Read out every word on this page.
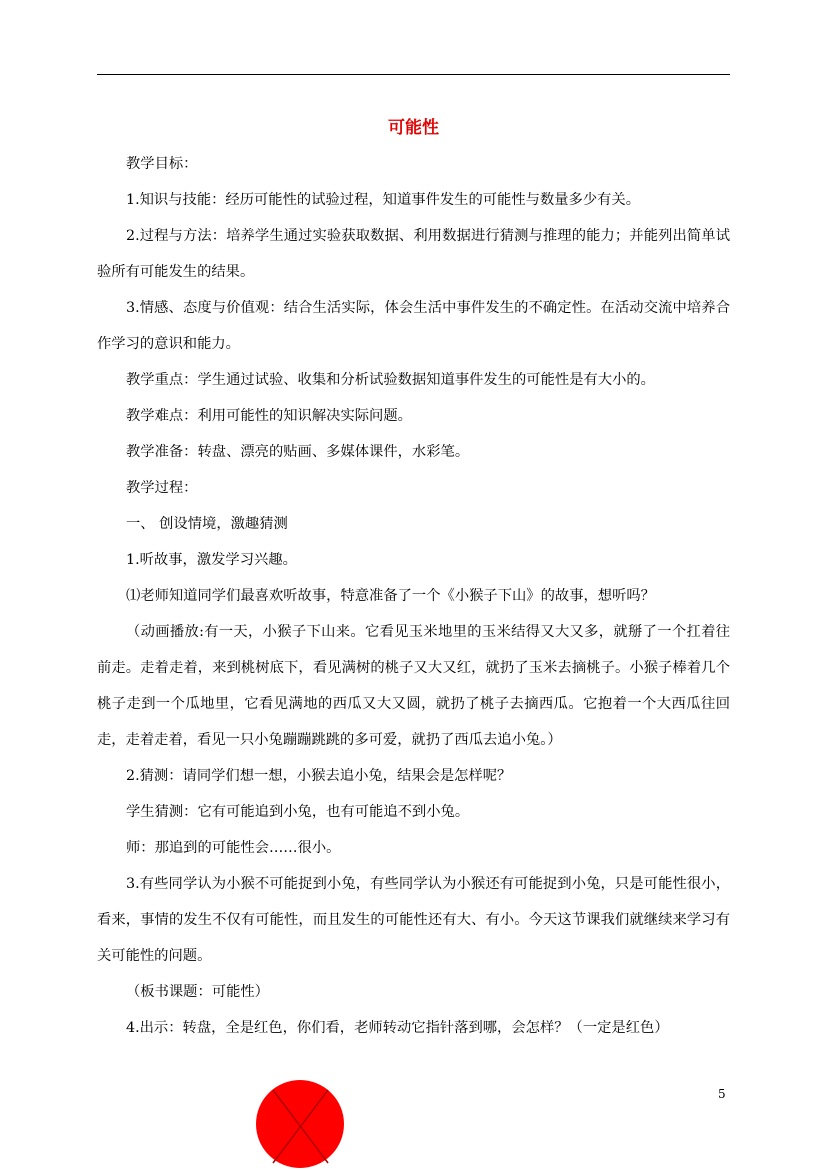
可能性

教学目标：

1.知识与技能：经历可能性的试验过程，知道事件发生的可能性与数量多少有关。

2.过程与方法：培养学生通过实验获取数据、利用数据进行猜测与推理的能力；并能列出简单试验所有可能发生的结果。

3.情感、态度与价值观：结合生活实际，体会生活中事件发生的不确定性。在活动交流中培养合作学习的意识和能力。

教学重点：学生通过试验、收集和分析试验数据知道事件发生的可能性是有大小的。

教学难点：利用可能性的知识解决实际问题。

教学准备：转盘、漂亮的贴画、多媒体课件，水彩笔。

教学过程：

一、 创设情境，激趣猜测

1.听故事，激发学习兴趣。

⑴老师知道同学们最喜欢听故事，特意准备了一个《小猴子下山》的故事，想听吗？

（动画播放:有一天，小猴子下山来。它看见玉米地里的玉米结得又大又多，就掰了一个扛着往前走。走着走着，来到桃树底下，看见满树的桃子又大又红，就扔了玉米去摘桃子。小猴子棒着几个桃子走到一个瓜地里，它看见满地的西瓜又大又圆，就扔了桃子去摘西瓜。它抱着一个大西瓜往回走，走着走着，看见一只小兔蹦蹦跳跳的多可爱，就扔了西瓜去追小兔。）

2.猜测：请同学们想一想，小猴去追小兔，结果会是怎样呢？

学生猜测：它有可能追到小兔，也有可能追不到小兔。

师：那追到的可能性会……很小。

3.有些同学认为小猴不可能捉到小兔，有些同学认为小猴还有可能捉到小兔，只是可能性很小，看来，事情的发生不仅有可能性，而且发生的可能性还有大、有小。今天这节课我们就继续来学习有关可能性的问题。

（板书课题：可能性）

4.出示：转盘，全是红色，你们看，老师转动它指针落到哪，会怎样？（一定是红色）

5
